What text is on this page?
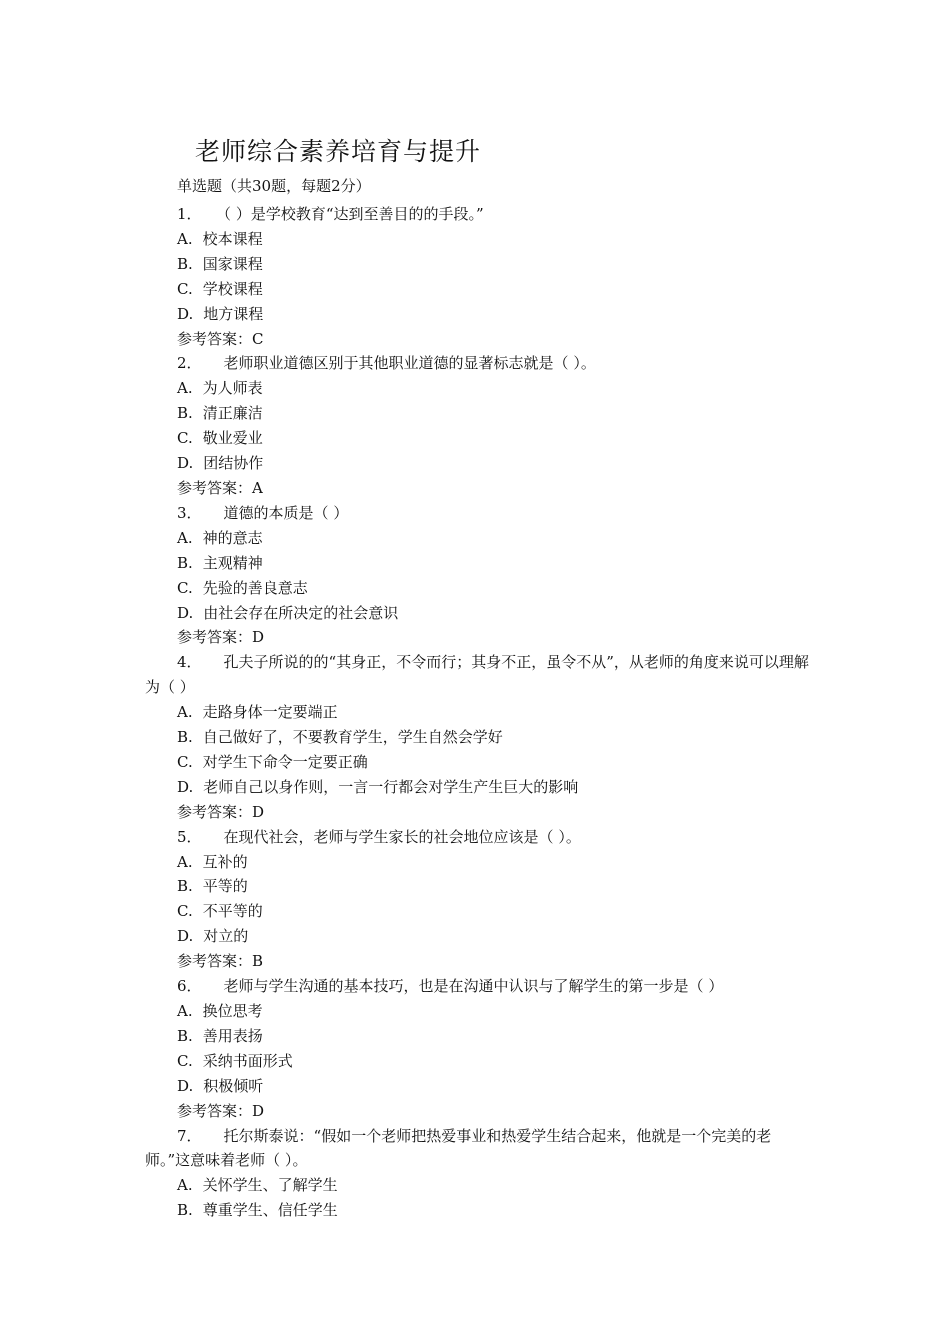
老师综合素养培育与提升
单选题（共30题，每题2分）

1． （ ）是学校教育“达到至善目的的手段。”

A. 校本课程

B. 国家课程

C. 学校课程

D. 地方课程

参考答案：C

2． 老师职业道德区别于其他职业道德的显著标志就是（ ）。

A. 为人师表

B. 清正廉洁

C. 敬业爱业

D. 团结协作

参考答案：A

3． 道德的本质是（ ）

A. 神的意志

B. 主观精神

C. 先验的善良意志

D. 由社会存在所决定的社会意识

参考答案：D

4． 孔夫子所说的的“其身正，不令而行；其身不正，虽令不从”，从老师的角度来说可以理解为（ ）

A. 走路身体一定要端正

B. 自己做好了，不要教育学生，学生自然会学好

C. 对学生下命令一定要正确

D. 老师自己以身作则，一言一行都会对学生产生巨大的影响

参考答案：D

5． 在现代社会，老师与学生家长的社会地位应该是（ ）。

A. 互补的

B. 平等的

C. 不平等的

D. 对立的

参考答案：B

6． 老师与学生沟通的基本技巧，也是在沟通中认识与了解学生的第一步是（ ）

A. 换位思考

B. 善用表扬

C. 采纳书面形式

D. 积极倾听

参考答案：D

7． 托尔斯泰说：“假如一个老师把热爱事业和热爱学生结合起来，他就是一个完美的老师。”这意味着老师（ ）。

A. 关怀学生、了解学生

B. 尊重学生、信任学生
